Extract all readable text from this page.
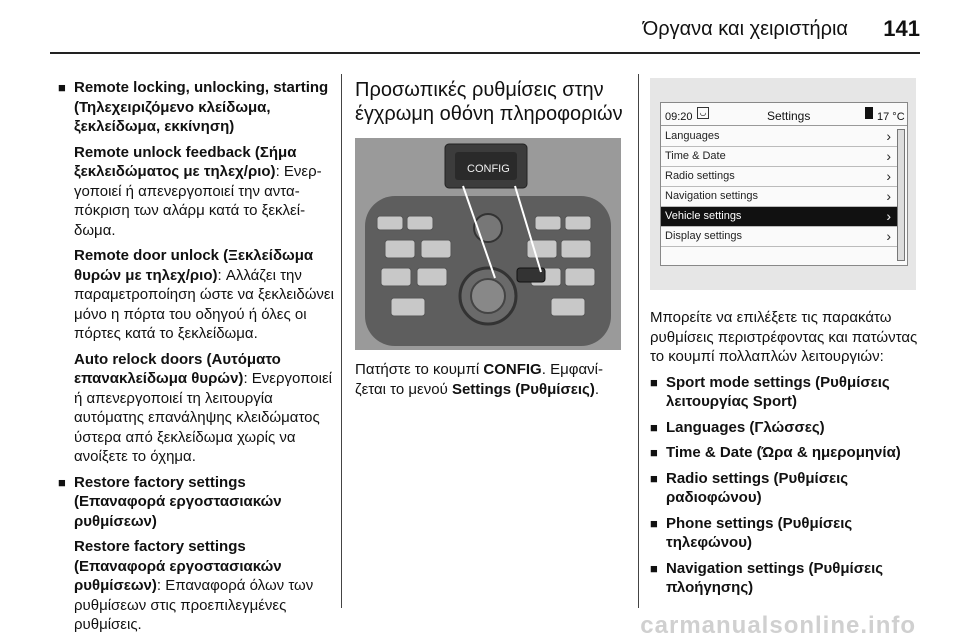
Όργανα και χειριστήρια 141
■ Remote locking, unlocking, starting (Τηλεχειριζόμενο κλείδωμα, ξεκλείδωμα, εκκίνηση)

Remote unlock feedback (Σήμα ξεκλειδώματος με τηλεχ/ριο): Ενεργοποιεί ή απενεργοποιεί την ανταπόκριση των αλάρμ κατά το ξεκλείδωμα.

Remote door unlock (Ξεκλείδωμα θυρών με τηλεχ/ριο): Αλλάζει την παραμετροποίηση ώστε να ξεκλειδώνει μόνο η πόρτα του οδηγού ή όλες οι πόρτες κατά το ξεκλείδωμα.

Auto relock doors (Αυτόματο επανακλείδωμα θυρών): Ενεργοποιεί ή απενεργοποιεί τη λειτουργία αυτόματης επανάληψης κλειδώματος ύστερα από ξεκλείδωμα χωρίς να ανοίξετε το όχημα.

■ Restore factory settings (Επαναφορά εργοστασιακών ρυθμίσεων)

Restore factory settings (Επαναφορά εργοστασιακών ρυθμίσεων): Επαναφορά όλων των ρυθμίσεων στις προεπιλεγμένες ρυθμίσεις.

Προσωπικές ρυθμίσεις στην έγχρωμη οθόνη πληροφοριών

CONFIG

Πατήστε το κουμπί CONFIG. Εμφανίζεται το μενού Settings (Ρυθμίσεις).

09:20 ◡	Settings	17 °C
Languages	›
Time & Date	›
Radio settings	›
Navigation settings	›
Vehicle settings	›
Display settings	›

Μπορείτε να επιλέξετε τις παρακάτω ρυθμίσεις περιστρέφοντας και πατώντας το κουμπί πολλαπλών λειτουργιών:

■ Sport mode settings (Ρυθμίσεις λειτουργίας Sport)

■ Languages (Γλώσσες)

■ Time & Date (Ώρα & ημερομηνία)

■ Radio settings (Ρυθμίσεις ραδιοφώνου)

■ Phone settings (Ρυθμίσεις τηλεφώνου)

■ Navigation settings (Ρυθμίσεις πλοήγησης)

carmanualsonline.info
